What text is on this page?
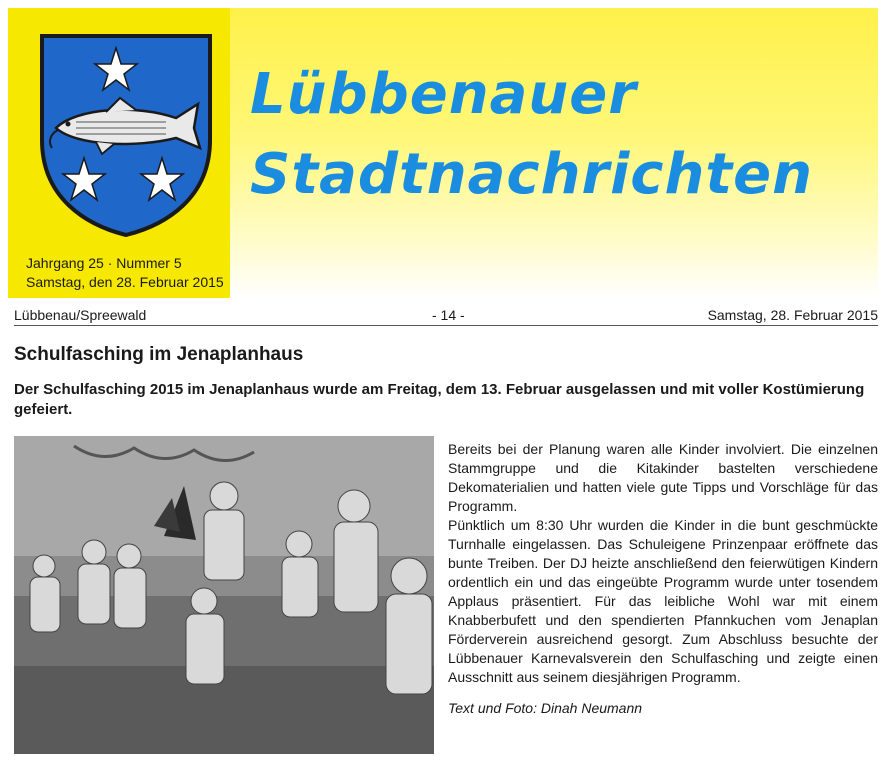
Jahrgang 25 · Nummer 5
Samstag, den 28. Februar 2015
Lübbenauer
Stadtnachrichten
Lübbenau/Spreewald	- 14 -	Samstag, 28. Februar 2015
Schulfasching im Jenaplanhaus
Der Schulfasching 2015 im Jenaplanhaus wurde am Freitag, dem 13. Februar ausgelassen und mit voller Kostümierung gefeiert.

Bereits bei der Planung waren alle Kinder involviert. Die einzelnen Stammgruppe und die Kitakinder bastelten verschiedene Dekomaterialien und hatten viele gute Tipps und Vorschläge für das Programm.

Pünktlich um 8:30 Uhr wurden die Kinder in die bunt geschmückte Turnhalle eingelassen. Das Schuleigene Prinzenpaar eröffnete das bunte Treiben. Der DJ heizte anschließend den feierwütigen Kindern ordentlich ein und das eingeübte Programm wurde unter tosendem Applaus präsentiert. Für das leibliche Wohl war mit einem Knabberbufett und den spendierten Pfannkuchen vom Jenaplan Förderverein ausreichend gesorgt. Zum Abschluss besuchte der Lübbenauer Karnevalsverein den Schulfasching und zeigte einen Ausschnitt aus seinem diesjährigen Programm.

Text und Foto: Dinah Neumann
